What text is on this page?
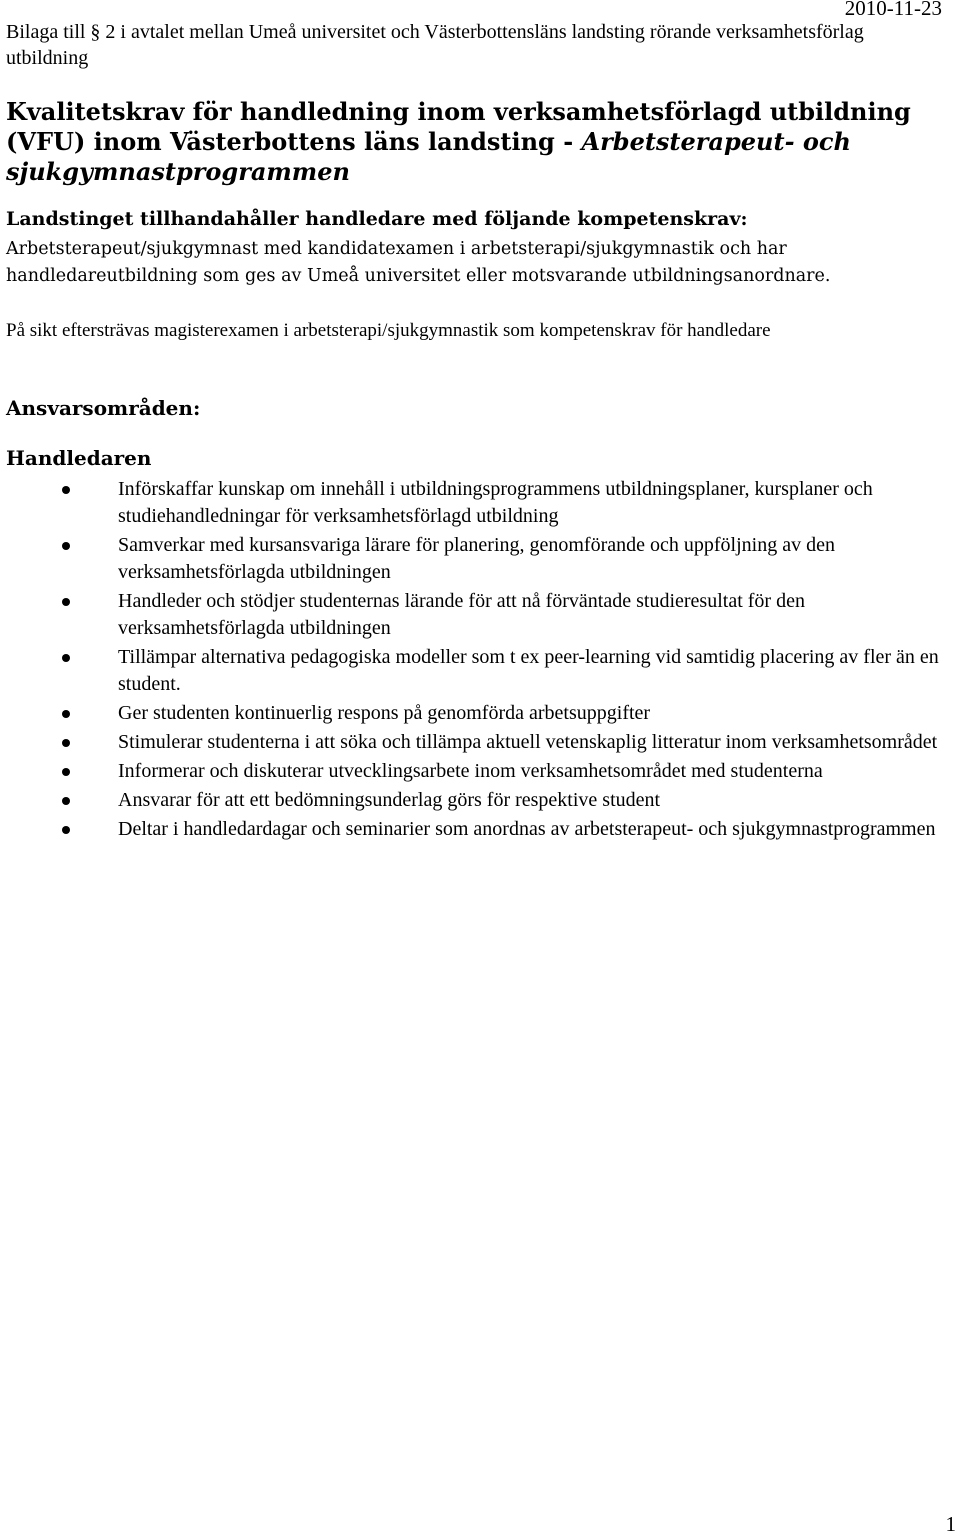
2010-11-23
Bilaga till § 2 i avtalet mellan Umeå universitet och Västerbottensläns landsting rörande verksamhetsförlag utbildning
Kvalitetskrav för handledning inom verksamhetsförlagd utbildning (VFU) inom Västerbottens läns landsting - Arbetsterapeut- och sjukgymnastprogrammen
Landstinget tillhandahåller handledare med följande kompetenskrav:
Arbetsterapeut/sjukgymnast med kandidatexamen i arbetsterapi/sjukgymnastik och har handledareutbildning som ges av Umeå universitet eller motsvarande utbildningsanordnare.
På sikt eftersträvas magisterexamen i arbetsterapi/sjukgymnastik som kompetenskrav för handledare
Ansvarsområden:
Handledaren
Införskaffar kunskap om innehåll i utbildningsprogrammens utbildningsplaner, kursplaner och studiehandledningar för verksamhetsförlagd utbildning
Samverkar med kursansvariga lärare för planering, genomförande och uppföljning av den verksamhetsförlagda utbildningen
Handleder och stödjer studenternas lärande för att nå förväntade studieresultat för den verksamhetsförlagda utbildningen
Tillämpar alternativa pedagogiska modeller som t ex peer-learning vid samtidig placering av fler än en student.
Ger studenten kontinuerlig respons på genomförda arbetsuppgifter
Stimulerar studenterna i att söka och tillämpa aktuell vetenskaplig litteratur inom verksamhetsområdet
Informerar och diskuterar utvecklingsarbete inom verksamhetsområdet med studenterna
Ansvarar för att ett bedömningsunderlag görs för respektive student
Deltar i handledardagar och seminarier som anordnas av arbetsterapeut- och sjukgymnastprogrammen
1
